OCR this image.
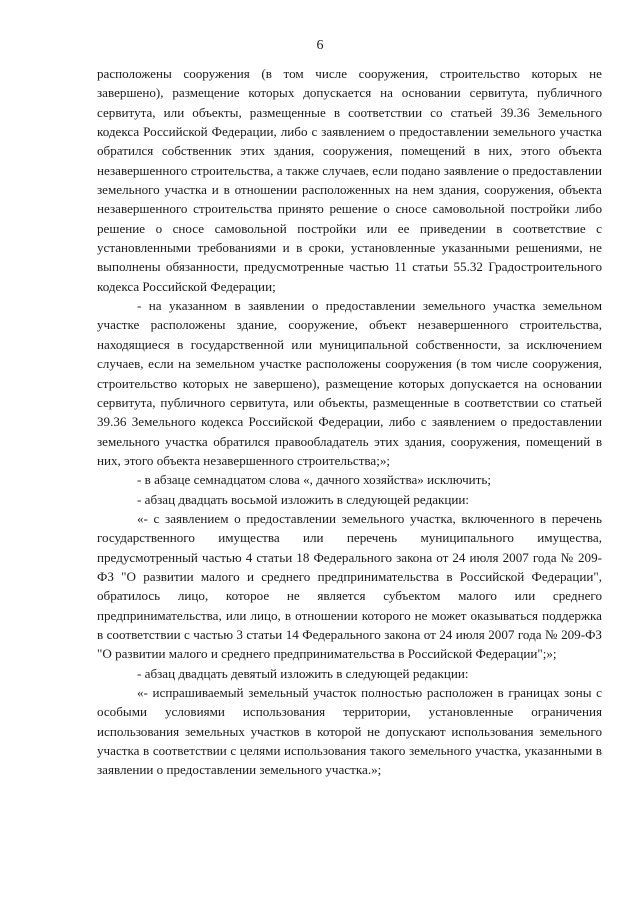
6

расположены сооружения (в том числе сооружения, строительство которых не завершено), размещение которых допускается на основании сервитута, публичного сервитута, или объекты, размещенные в соответствии со статьей 39.36 Земельного кодекса Российской Федерации, либо с заявлением о предоставлении земельного участка обратился собственник этих здания, сооружения, помещений в них, этого объекта незавершенного строительства, а также случаев, если подано заявление о предоставлении земельного участка и в отношении расположенных на нем здания, сооружения, объекта незавершенного строительства принято решение о сносе самовольной постройки либо решение о сносе самовольной постройки или ее приведении в соответствие с установленными требованиями и в сроки, установленные указанными решениями, не выполнены обязанности, предусмотренные частью 11 статьи 55.32 Градостроительного кодекса Российской Федерации;

- на указанном в заявлении о предоставлении земельного участка земельном участке расположены здание, сооружение, объект незавершенного строительства, находящиеся в государственной или муниципальной собственности, за исключением случаев, если на земельном участке расположены сооружения (в том числе сооружения, строительство которых не завершено), размещение которых допускается на основании сервитута, публичного сервитута, или объекты, размещенные в соответствии со статьей 39.36 Земельного кодекса Российской Федерации, либо с заявлением о предоставлении земельного участка обратился правообладатель этих здания, сооружения, помещений в них, этого объекта незавершенного строительства;»;

- в абзаце семнадцатом слова «, дачного хозяйства» исключить;

- абзац двадцать восьмой изложить в следующей редакции:

«- с заявлением о предоставлении земельного участка, включенного в перечень государственного имущества или перечень муниципального имущества, предусмотренный частью 4 статьи 18 Федерального закона от 24 июля 2007 года № 209-ФЗ "О развитии малого и среднего предпринимательства в Российской Федерации", обратилось лицо, которое не является субъектом малого или среднего предпринимательства, или лицо, в отношении которого не может оказываться поддержка в соответствии с частью 3 статьи 14 Федерального закона от 24 июля 2007 года № 209-ФЗ "О развитии малого и среднего предпринимательства в Российской Федерации";»;

- абзац двадцать девятый изложить в следующей редакции:

«- испрашиваемый земельный участок полностью расположен в границах зоны с особыми условиями использования территории, установленные ограничения использования земельных участков в которой не допускают использования земельного участка в соответствии с целями использования такого земельного участка, указанными в заявлении о предоставлении земельного участка.»;
